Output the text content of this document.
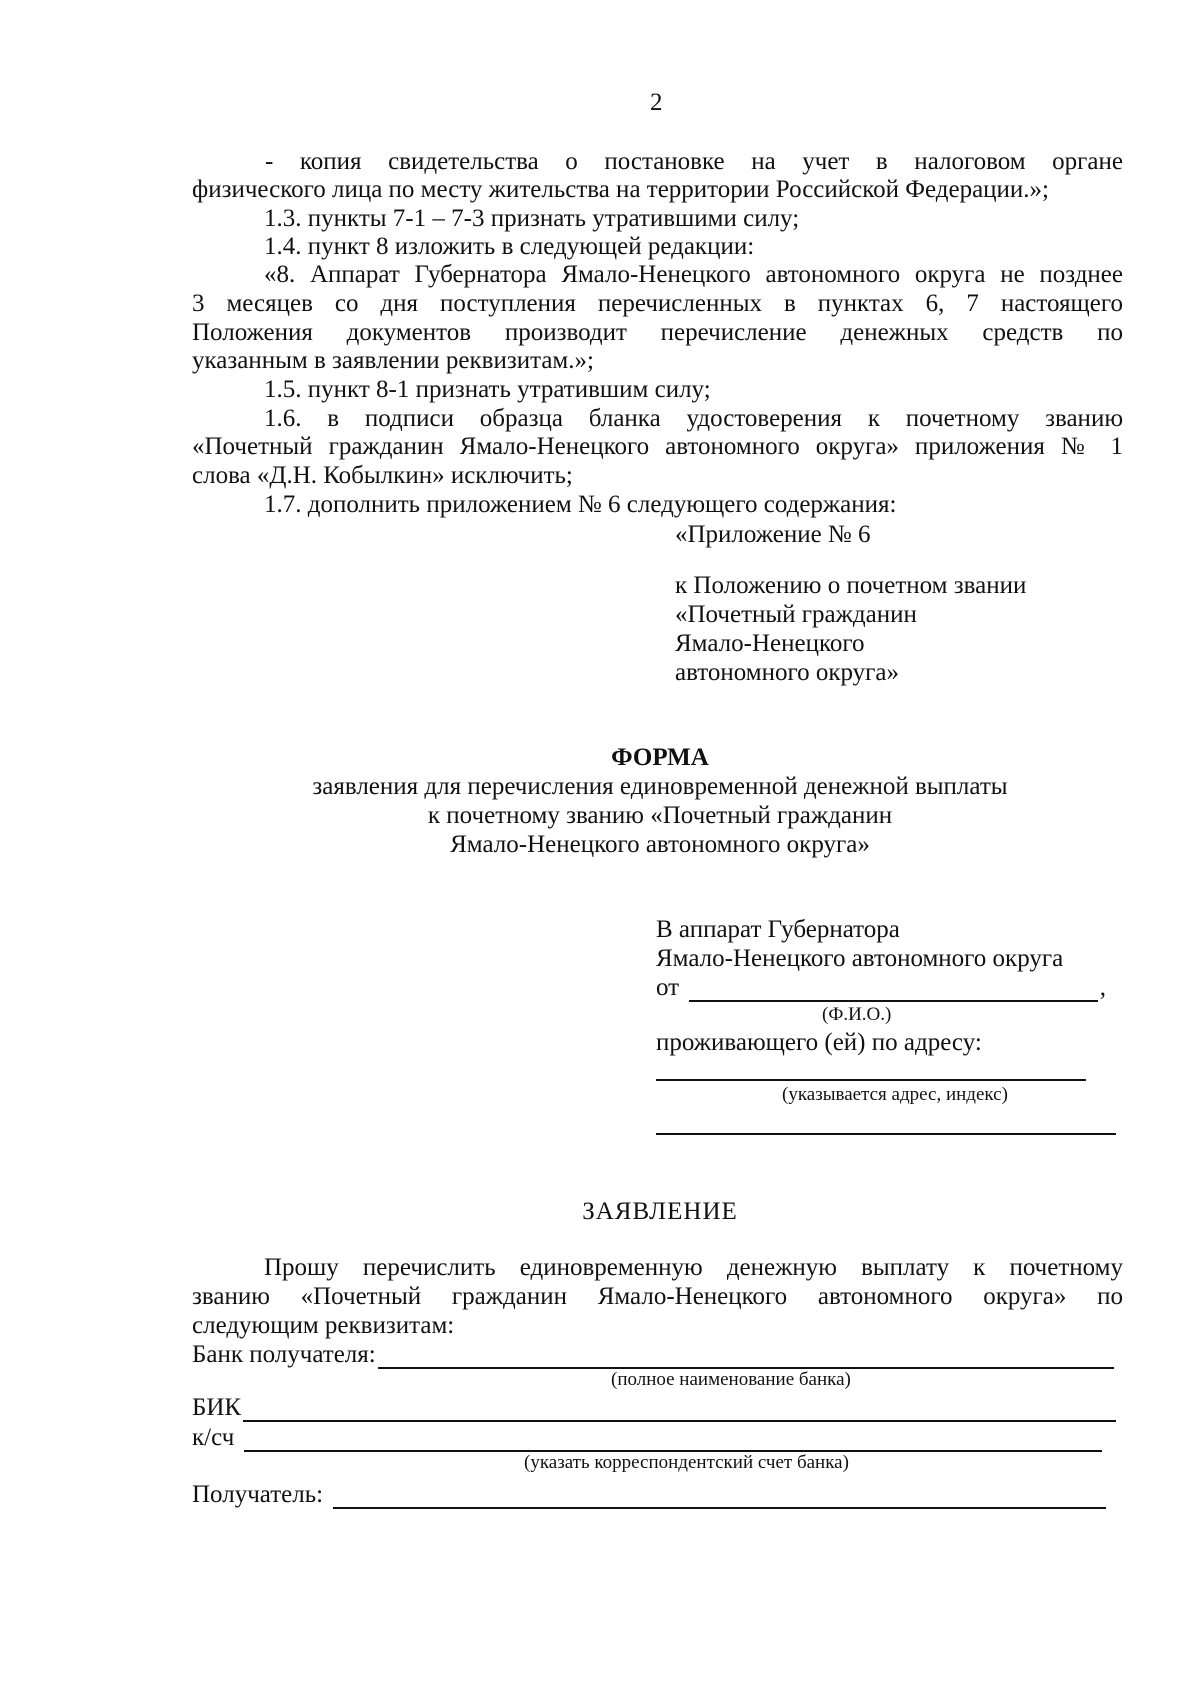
2
- копия свидетельства о постановке на учет в налоговом органе
физического лица по месту жительства на территории Российской Федерации.»;
1.3. пункты 7-1 – 7-3 признать утратившими силу;
1.4. пункт 8 изложить в следующей редакции:
«8. Аппарат Губернатора Ямало-Ненецкого автономного округа не позднее
3 месяцев со дня поступления перечисленных в пунктах 6, 7 настоящего
Положения документов производит перечисление денежных средств по
указанным в заявлении реквизитам.»;
1.5. пункт 8-1 признать утратившим силу;
1.6. в подписи образца бланка удостоверения к почетному званию
«Почетный гражданин Ямало-Ненецкого автономного округа» приложения № 1
слова «Д.Н. Кобылкин» исключить;
1.7. дополнить приложением № 6 следующего содержания:
«Приложение № 6
к Положению о почетном звании
«Почетный гражданин
Ямало-Ненецкого
автономного округа»
ФОРМА
заявления для перечисления единовременной денежной выплаты
к почетному званию «Почетный гражданин
Ямало-Ненецкого автономного округа»
В аппарат Губернатора
Ямало-Ненецкого автономного округа
от	,
(Ф.И.О.)
проживающего (ей) по адресу:
(указывается адрес, индекс)
ЗАЯВЛЕНИЕ
Прошу перечислить единовременную денежную выплату к почетному
званию «Почетный гражданин Ямало-Ненецкого автономного округа» по
следующим реквизитам:
Банк получателя:
(полное наименование банка)
БИК
к/сч
(указать корреспондентский счет банка)
Получатель:
